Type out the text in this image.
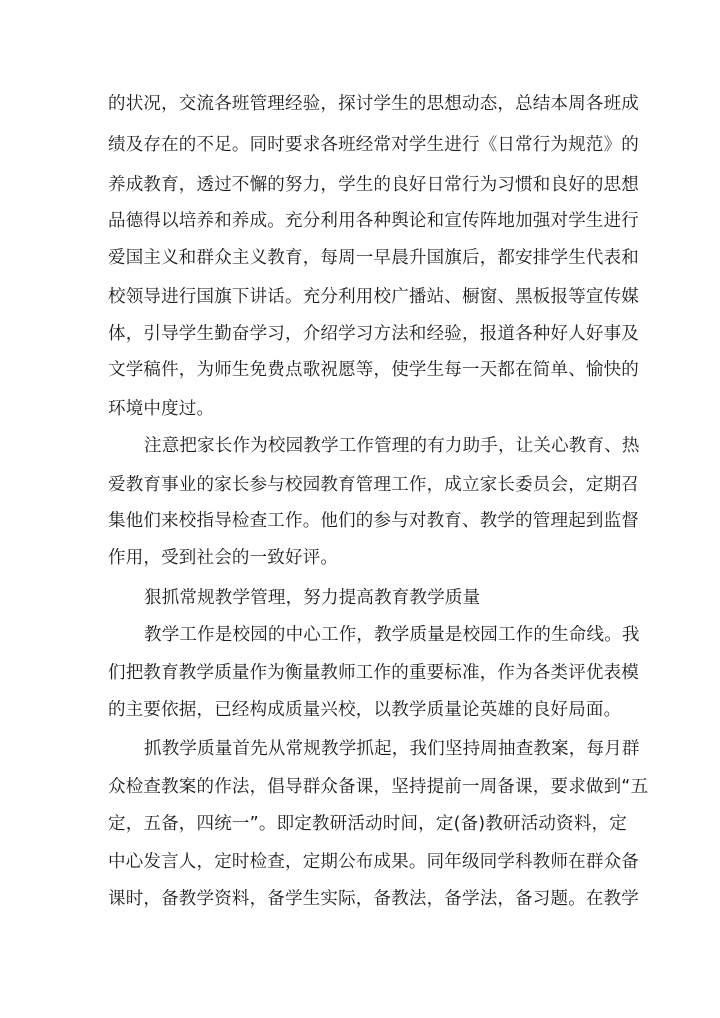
的状况，交流各班管理经验，探讨学生的思想动态，总结本周各班成
绩及存在的不足。同时要求各班经常对学生进行《日常行为规范》的
养成教育，透过不懈的努力，学生的良好日常行为习惯和良好的思想
品德得以培养和养成。充分利用各种舆论和宣传阵地加强对学生进行
爱国主义和群众主义教育，每周一早晨升国旗后，都安排学生代表和
校领导进行国旗下讲话。充分利用校广播站、橱窗、黑板报等宣传媒
体，引导学生勤奋学习，介绍学习方法和经验，报道各种好人好事及
文学稿件，为师生免费点歌祝愿等，使学生每一天都在简单、愉快的
环境中度过。
注意把家长作为校园教学工作管理的有力助手，让关心教育、热
爱教育事业的家长参与校园教育管理工作，成立家长委员会，定期召
集他们来校指导检查工作。他们的参与对教育、教学的管理起到监督
作用，受到社会的一致好评。
狠抓常规教学管理，努力提高教育教学质量
教学工作是校园的中心工作，教学质量是校园工作的生命线。我
们把教育教学质量作为衡量教师工作的重要标准，作为各类评优表模
的主要依据，已经构成质量兴校，以教学质量论英雄的良好局面。
抓教学质量首先从常规教学抓起，我们坚持周抽查教案，每月群
众检查教案的作法，倡导群众备课，坚持提前一周备课，要求做到“五
定，五备，四统一”。即定教研活动时间，定(备)教研活动资料，定
中心发言人，定时检查，定期公布成果。同年级同学科教师在群众备
课时，备教学资料，备学生实际，备教法，备学法，备习题。在教学
